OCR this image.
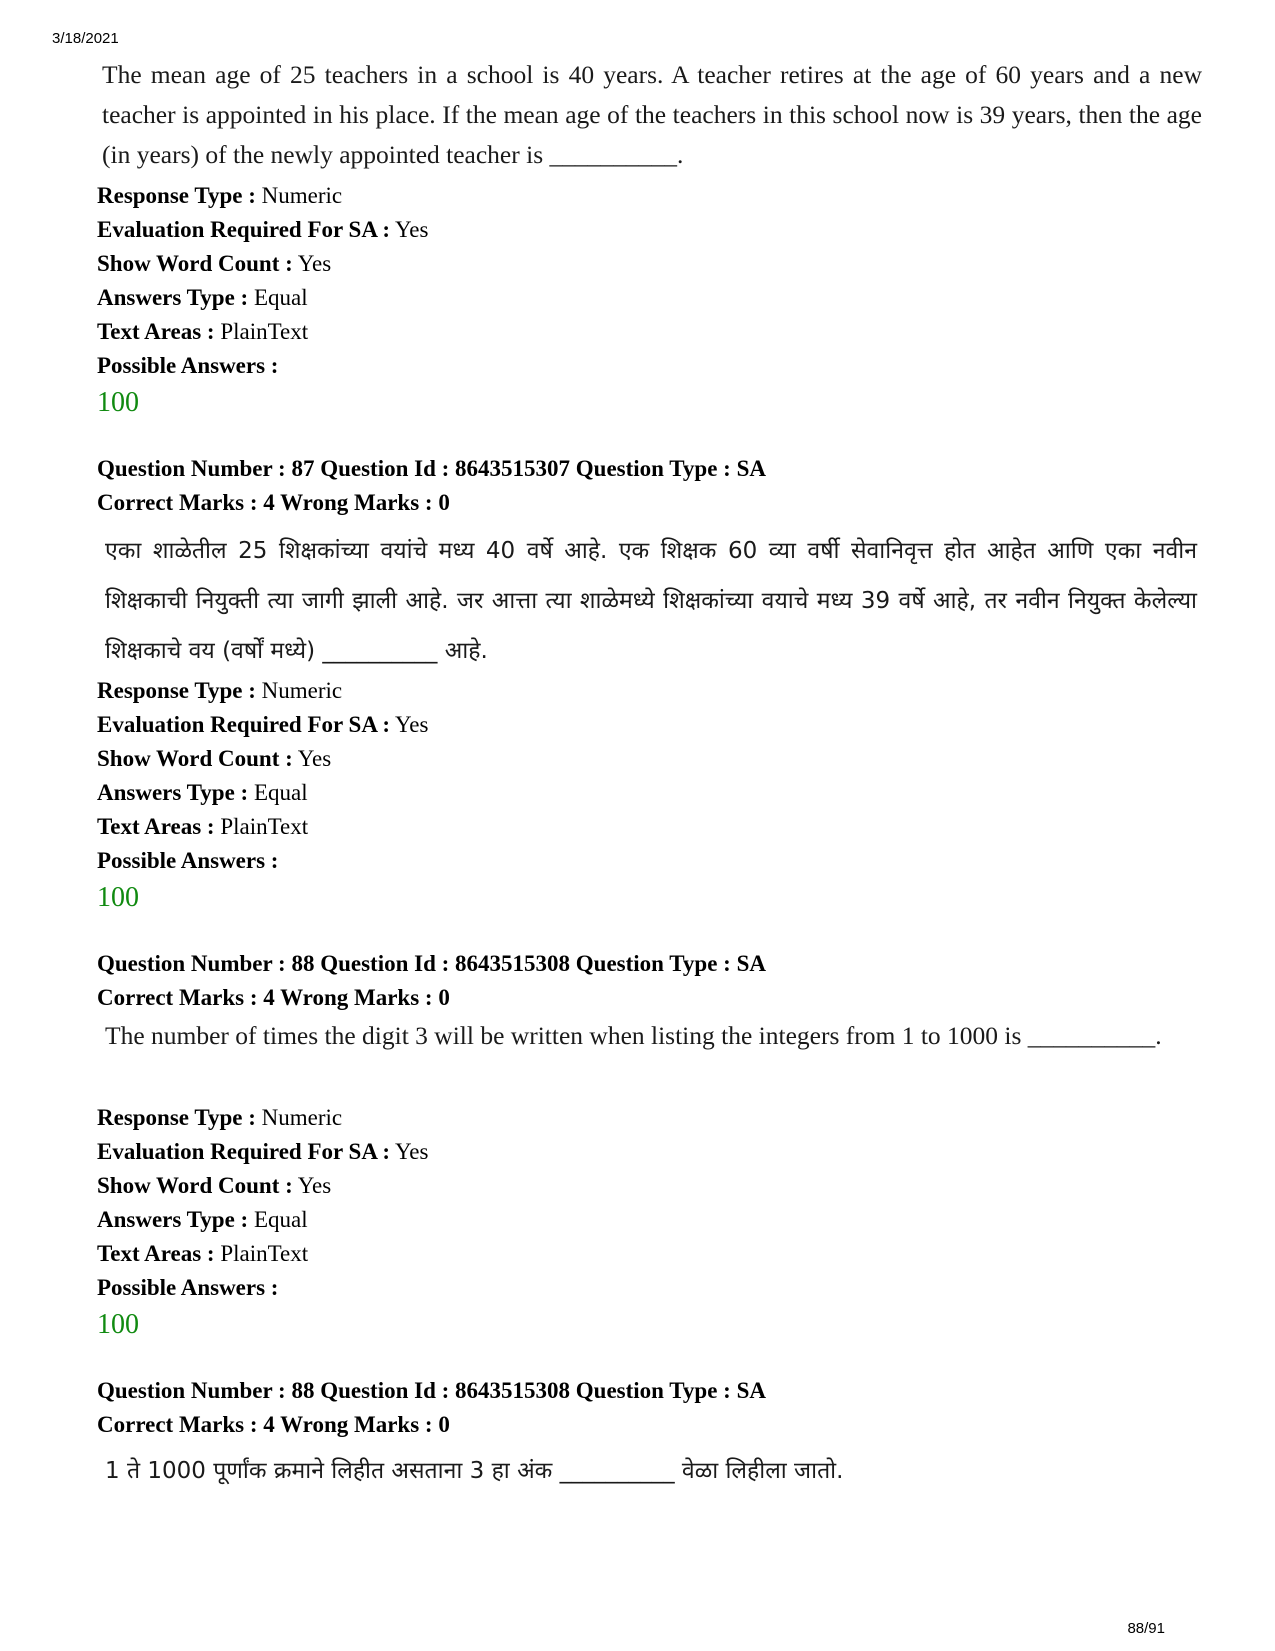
3/18/2021
The mean age of 25 teachers in a school is 40 years. A teacher retires at the age of 60 years and a new teacher is appointed in his place. If the mean age of the teachers in this school now is 39 years, then the age (in years) of the newly appointed teacher is __________.
Response Type : Numeric
Evaluation Required For SA : Yes
Show Word Count : Yes
Answers Type : Equal
Text Areas : PlainText
Possible Answers :
100
Question Number : 87 Question Id : 8643515307 Question Type : SA
Correct Marks : 4 Wrong Marks : 0
एका शाळेतील 25 शिक्षकांच्या वयांचे मध्य 40 वर्षे आहे. एक शिक्षक 60 व्या वर्षी सेवानिवृत्त होत आहेत आणि एका नवीन शिक्षकाची नियुक्ती त्या जागी झाली आहे. जर आत्ता त्या शाळेमध्ये शिक्षकांच्या वयाचे मध्य 39 वर्षे आहे, तर नवीन नियुक्त केलेल्या शिक्षकाचे वय (वर्षों मध्ये) __________ आहे.
Response Type : Numeric
Evaluation Required For SA : Yes
Show Word Count : Yes
Answers Type : Equal
Text Areas : PlainText
Possible Answers :
100
Question Number : 88 Question Id : 8643515308 Question Type : SA
Correct Marks : 4 Wrong Marks : 0
The number of times the digit 3 will be written when listing the integers from 1 to 1000 is __________.
Response Type : Numeric
Evaluation Required For SA : Yes
Show Word Count : Yes
Answers Type : Equal
Text Areas : PlainText
Possible Answers :
100
Question Number : 88 Question Id : 8643515308 Question Type : SA
Correct Marks : 4 Wrong Marks : 0
1 ते 1000 पूर्णांक क्रमाने लिहीत असताना 3 हा अंक __________ वेळा लिहीला जातो.
88/91
